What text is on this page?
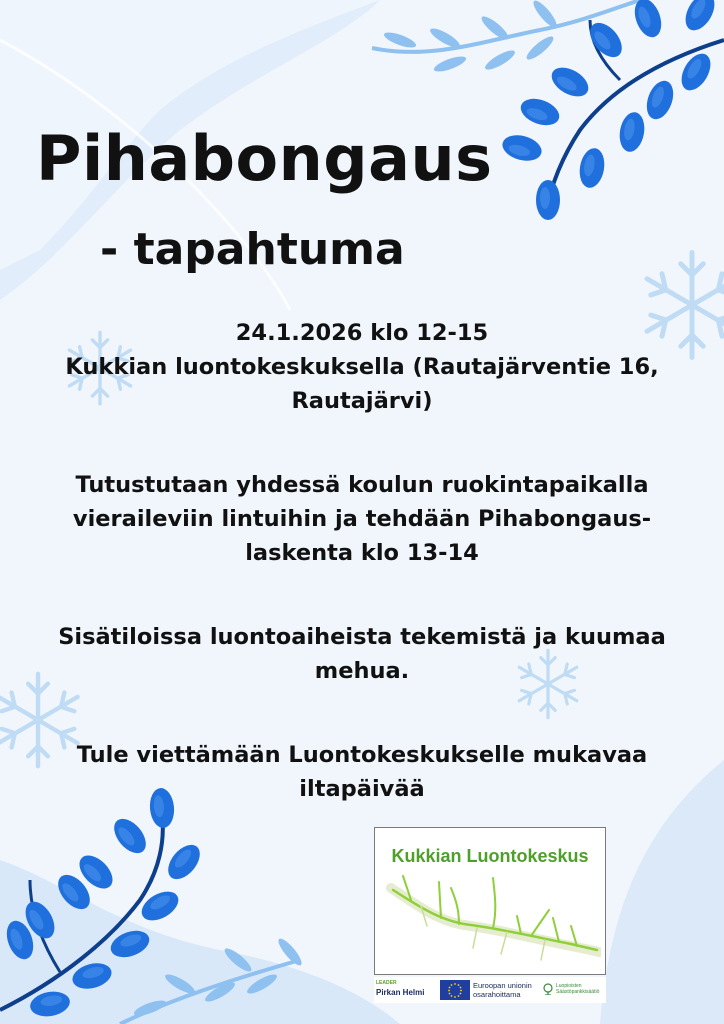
Pihabongaus
- tapahtuma

24.1.2026 klo 12-15

Kukkian luontokeskuksella (Rautajärventie 16,

Rautajärvi)

Tutustutaan yhdessä koulun ruokintapaikalla

vieraileviin lintuihin ja tehdään Pihabongaus-

laskenta klo 13-14

Sisätiloissa luontoaiheista tekemistä ja kuumaa

mehua.

Tule viettämään Luontokeskukselle mukavaa

iltapäivää

Kukkian Luontokeskus
LEADER
Pirkan Helmi
Euroopan unionin
osarahoittama
Luopioisten
Säästöpankkisäätiö
